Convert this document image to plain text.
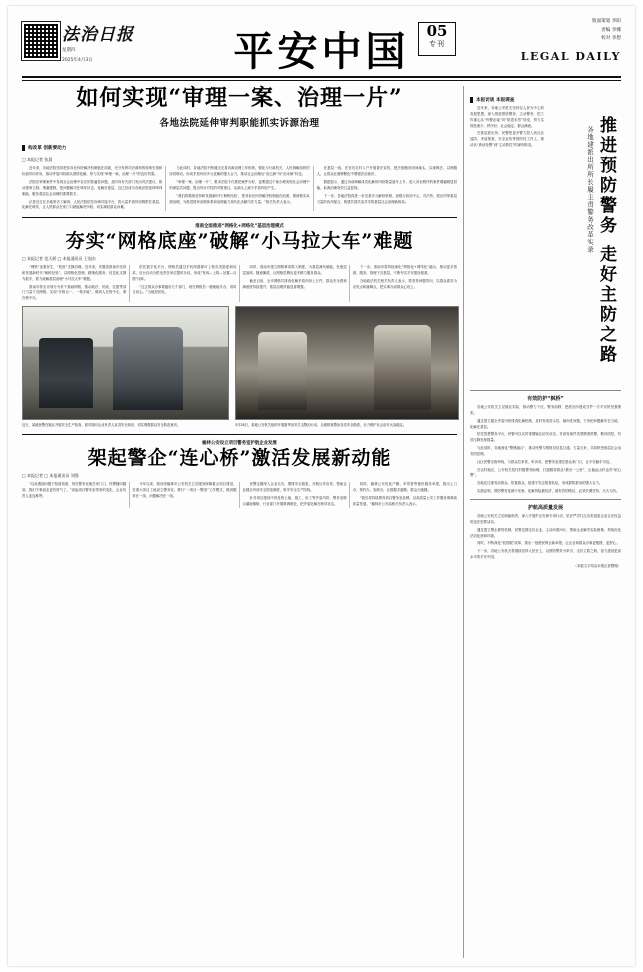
法治日报
星期四
2025年4月3日	平安中国	05
专刊
版面策划 李阳
责编 李娜
校对 李想
LEGAL DAILY
如何实现“审理一案、治理一片”
各地法院延伸审判职能抓实诉源治理
构改革 创新要动力
□ 本报记者 张晨

近年来，各地法院坚持把非诉讼纠纷解决机制挺在前面，充分发挥司法裁判的规则引领和价值导向作用，推动矛盾纠纷源头预防化解，努力实现“审理一案、治理一片”的良好效果。

法院在审理案件中发现社会治理中存在的普遍性问题，及时向有关部门发出司法建议，推动建章立制、堵漏建制，把问题解决在萌芽状态、化解在基层，这已经成为各地法院延伸审判职能、服务基层社会治理的重要抓手。

记者近日在多地采访了解到，人民法院依托诉调对接平台，将大量矛盾纠纷吸附在基层、化解在萌芽，让人民群众在家门口就能解决纠纷，切实减轻群众诉累。

与此同时，各地法院不断健全完善诉源治理工作机制，强化与行政机关、人民调解组织的协同联动，形成矛盾纠纷多元化解的强大合力，推动社会治理从“治已病”向“治未病”转变。

“审理一案、治理一片”，要求法院不仅要把案件办好，更要通过个案办理发现社会治理中的深层次问题，提出有针对性的对策建议，从源头上减少矛盾纠纷产生。

“我们将继续坚持和发展新时代‘枫桥经验’，把非诉讼纠纷解决机制挺在前面，做深做实诉源治理，为推进国家治理体系和治理能力现代化贡献司法力量。”相关负责人表示。

在基层一线，法官们走村入户开展普法宣传，把法庭搬到田间地头，以案释法、以理服人，让群众在潜移默化中增强法治意识。

数据显示，通过诉前调解成功化解的纠纷数量逐年上升，进入诉讼程序的案件增幅明显回落，诉源治理成效日益显现。

下一步，各地法院将进一步完善多元解纷机制，加强与综治中心、司法所、派出所等基层力量的协作配合，构建共建共治共享的基层社会治理新格局。

淮南全面推进“网格化+网络化”基层治理模式
夯实“网格底座”破解“小马拉大车”难题
□ 本报记者 范天娇 □ 本报通讯员 王旭东

“网格”连着民生，“底座”支撑治理。近年来，安徽省淮南市坚持和发展新时代“枫桥经验”，以网格化管理、精细化服务、信息化支撑为抓手，着力破解基层治理“小马拉大车”难题。

淮南市将全市划分为若干基础网格，推动政法、民政、住建等部门力量下沉网格，实现“多格合一、一格多能”，做到人在格中走、事在格中办。

依托数字化平台，网格员通过手机终端即可上报各类隐患和诉求，后台自动分派至责任单位限时办结，形成“发现—上报—处置—反馈”闭环。

“过去群众办事要跑好几个部门，现在网格员一趟就能代办，省时又省心。”当地居民说。

同时，淮南市建立网格事项准入制度，为基层减负赋能，杜绝层层加码、随意摊派，让网格员腾出更多精力服务群众。

截至目前，全市网格共排查化解矛盾纠纷上万件，群众安全感和满意度持续提升，基层治理效能显著增强。

下一步，淮南市将持续深化“网格化+网络化”融合，推动更多资源、服务、管理下沉基层，不断夯实平安建设根基。

当地政法机关相关负责人表示，要坚持问题导向，以群众需求为出发点和落脚点，把实事办到群众心坎上。

近日，某地民警在辖区开展安全生产检查，面对面向企业负责人宣讲安全知识，切实增强群众安全防范意识。	3月28日，某地公安机关组织开展夏季治安打击整治行动，全面排查整治各类安全隐患，全力维护社会治安大局稳定。
榆林公安设立项目警务室护航企业发展
架起警企“连心桥”激活发展新动能
□ 本报记者 □ 本报通讯员 刘强

“以前遇到问题不知道找谁，现在警务室就在家门口，民警随叫随到，我们干事创业更有底气了。”谈起项目警务室带来的变化，企业负责人连连称赞。

今年以来，陕西省榆林市公安机关立足服务保障重点项目建设，在重大项目工地设立警务室，推行“一项目一警组”工作模式，做到服务在一线、问题解决在一线。

民警定期深入企业走访，摸排安全隐患，开展反诈宣传，帮助企业健全内部安全防范制度，筑牢安全生产防线。

针对项目建设中涉及的土地、施工、用工等矛盾纠纷，警务室联合属地镇街、行业部门开展联调联处，把矛盾化解在萌芽状态。

同时，榆林公安优化户籍、车驾管等便民服务举措，推出上门办、预约办、容缺办，让数据多跑路、群众少跑腿。

“我们将持续擦亮项目警务室品牌，以高质量公安工作服务保障高质量发展。”榆林市公安局相关负责人表示。

本报访谈 本报调查

近年来，各地公安机关坚持以人民为中心的发展思想，深入推进预防警务、主动警务，把工作重心从“有警必接”向“防患未然”转变，努力实现发案少、秩序好、社会稳定、群众满意。

在基层派出所，民警把更多警力投入到社区巡防、矛盾排查、安全宣传等预防性工作上，推动从“被动处警”到“主动防控”的深刻转变。	推进预防警务 走好主防之路
各地建派出所所长履主责警务改革实录
有效防护“枫桥”

各地公安机关立足辖区实际，推动警力下沉、警务前移，把派出所建成守护一方平安的坚强堡垒。

通过建立健全矛盾纠纷排查化解机制，及时发现苗头性、倾向性问题，力争把问题解决在当地、化解在基层。

依托智慧警务平台，民警可以实时掌握辖区治安动态，对高发案件类型精准预警、靶向防控，有效压降发案数量。

与此同时，各地深化“警网融合”，推动民警与网格员信息互通、力量互补，共同织密基层社会治安防控网。

社区民警走街串巷，与群众拉家常、听诉求，把警务室建在群众家门口，让平安触手可及。

在农村地区，公安机关依托村级警务助理，打通服务群众“最后一公里”，让偏远山村也有“贴心警”。

各地还注重发动群众、依靠群众，组建平安志愿者队伍，形成群防群治的强大合力。

实践证明，预防警务是减少发案、化解风险最经济、最有效的路径，必须长期坚持、久久为功。

护航高质量发展

各地公安机关立足职能职责，深入开展护企安商专项行动，依法严厉打击各类侵害企业合法权益的违法犯罪活动。

通过建立警企联络机制，民警定期走访企业，主动问需问计，帮助企业解决实际困难，持续优化法治化营商环境。

同时，不断深化“放管服”改革，推出一批便民利企新举措，让企业和群众办事更便捷、更舒心。

下一步，各地公安机关将继续坚持人民至上，以预防警务为牵引，走好主防之路，奋力建设更高水平的平安中国。

（本版文字均由本报记者整理）
